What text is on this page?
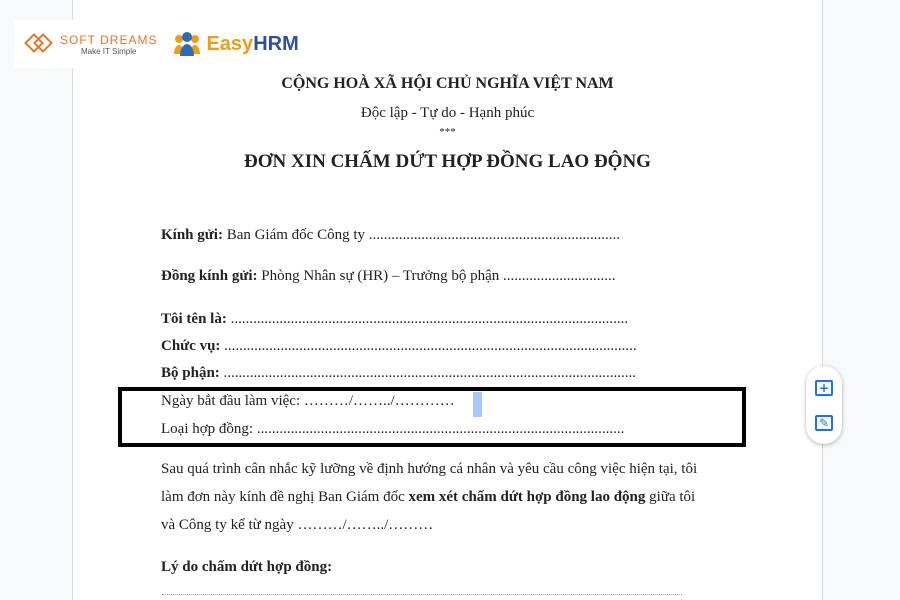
SOFT DREAMS
Make IT Simple	Easy HRM
CỘNG HOÀ XÃ HỘI CHỦ NGHĨA VIỆT NAM
Độc lập - Tự do - Hạnh phúc
***
ĐƠN XIN CHẤM DỨT HỢP ĐỒNG LAO ĐỘNG
Kính gửi: Ban Giám đốc Công ty ...................................................................
Đồng kính gửi: Phòng Nhân sự (HR) – Trưởng bộ phận ..............................
Tôi tên là: ..........................................................................................................
Chức vụ: ..............................................................................................................
Bộ phận: ..............................................................................................................
Ngày bắt đầu làm việc: ………/……../…………
Loại hợp đồng: ..................................................................................................
Sau quá trình cân nhắc kỹ lưỡng về định hướng cá nhân và yêu cầu công việc hiện tại, tôi
làm đơn này kính đề nghị Ban Giám đốc xem xét chấm dứt hợp đồng lao động giữa tôi
và Công ty kể từ ngày ………/……../………
Lý do chấm dứt hợp đồng:
+
✎
